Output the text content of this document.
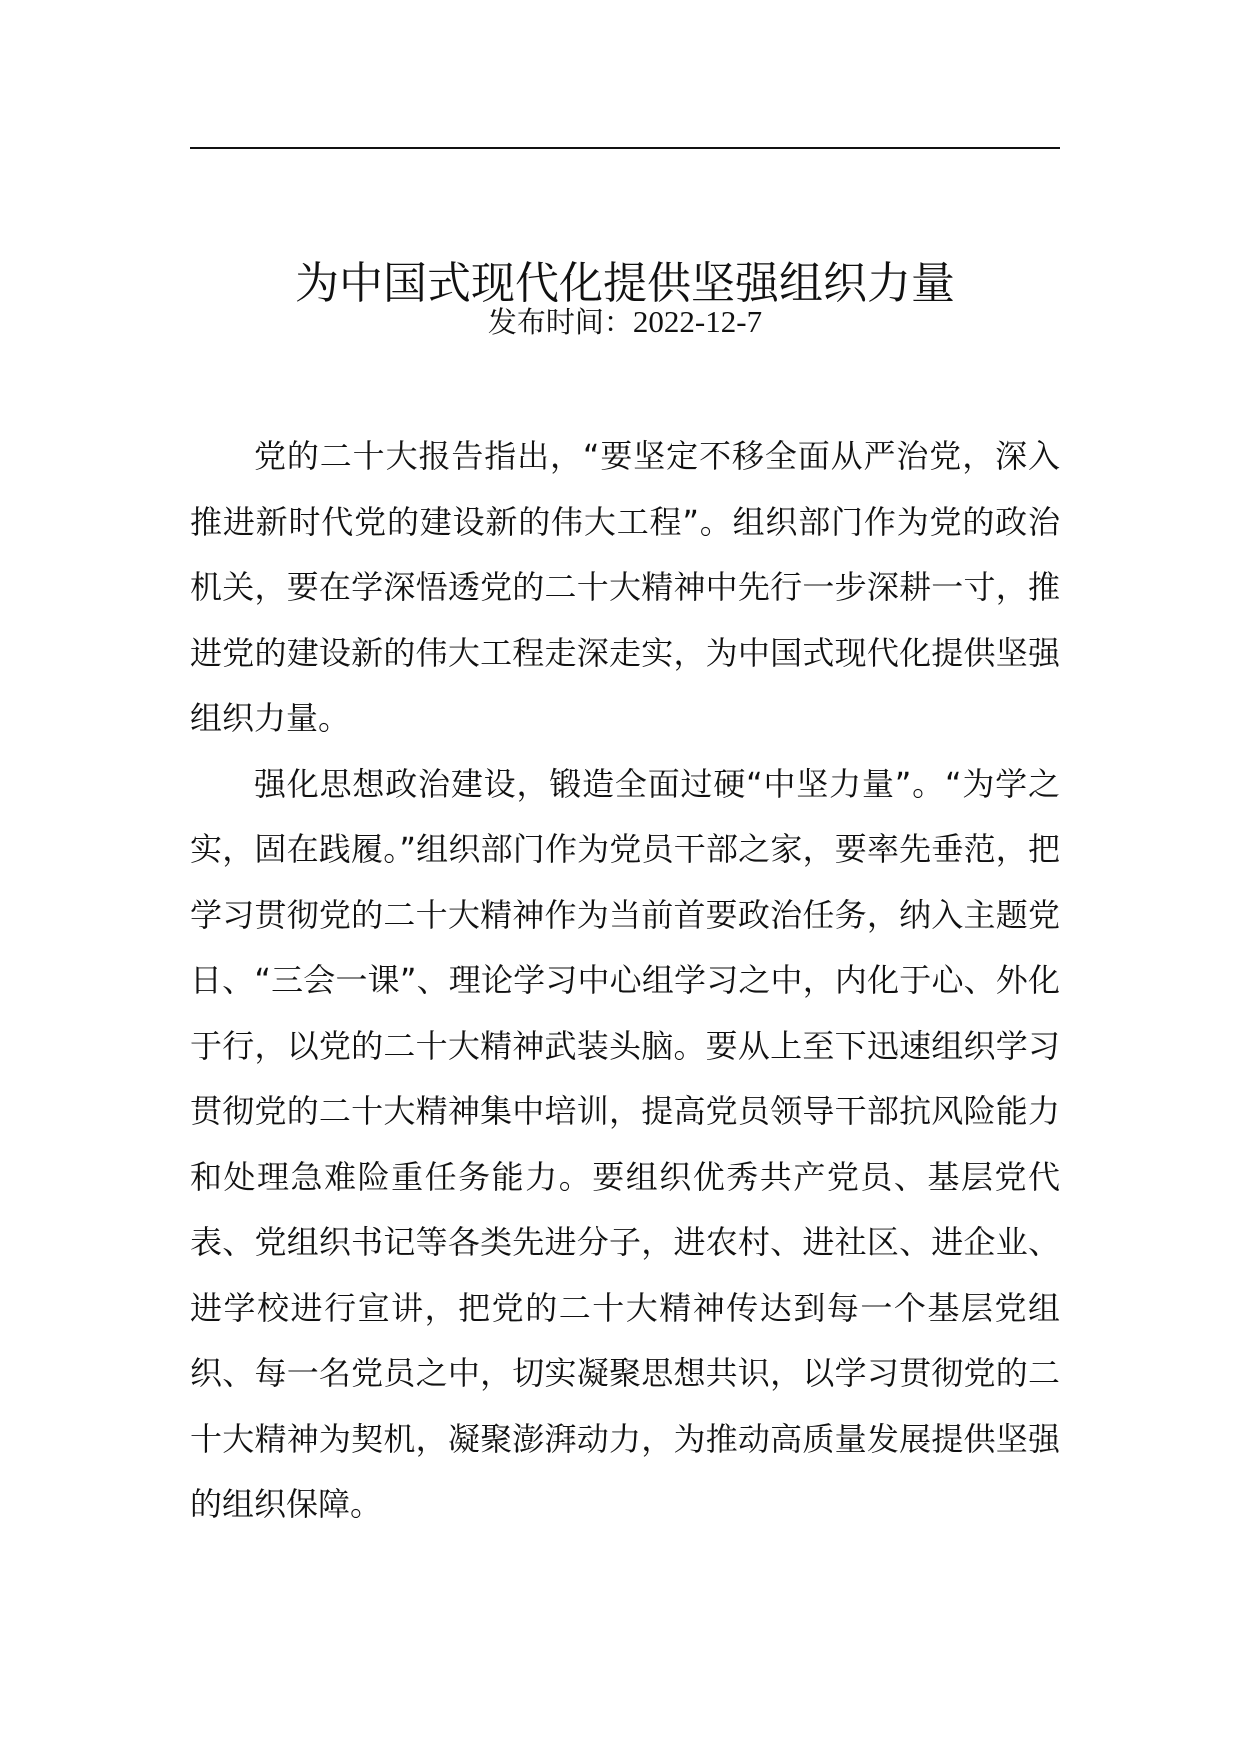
为中国式现代化提供坚强组织力量
发布时间：2022-12-7

党的二十大报告指出，“要坚定不移全面从严治党，深入推进新时代党的建设新的伟大工程”。组织部门作为党的政治机关，要在学深悟透党的二十大精神中先行一步深耕一寸，推进党的建设新的伟大工程走深走实，为中国式现代化提供坚强组织力量。

强化思想政治建设，锻造全面过硬“中坚力量”。“为学之实，固在践履。”组织部门作为党员干部之家，要率先垂范，把学习贯彻党的二十大精神作为当前首要政治任务，纳入主题党日、“三会一课”、理论学习中心组学习之中，内化于心、外化于行，以党的二十大精神武装头脑。要从上至下迅速组织学习贯彻党的二十大精神集中培训，提高党员领导干部抗风险能力和处理急难险重任务能力。要组织优秀共产党员、基层党代表、党组织书记等各类先进分子，进农村、进社区、进企业、进学校进行宣讲，把党的二十大精神传达到每一个基层党组织、每一名党员之中，切实凝聚思想共识，以学习贯彻党的二十大精神为契机，凝聚澎湃动力，为推动高质量发展提供坚强的组织保障。
